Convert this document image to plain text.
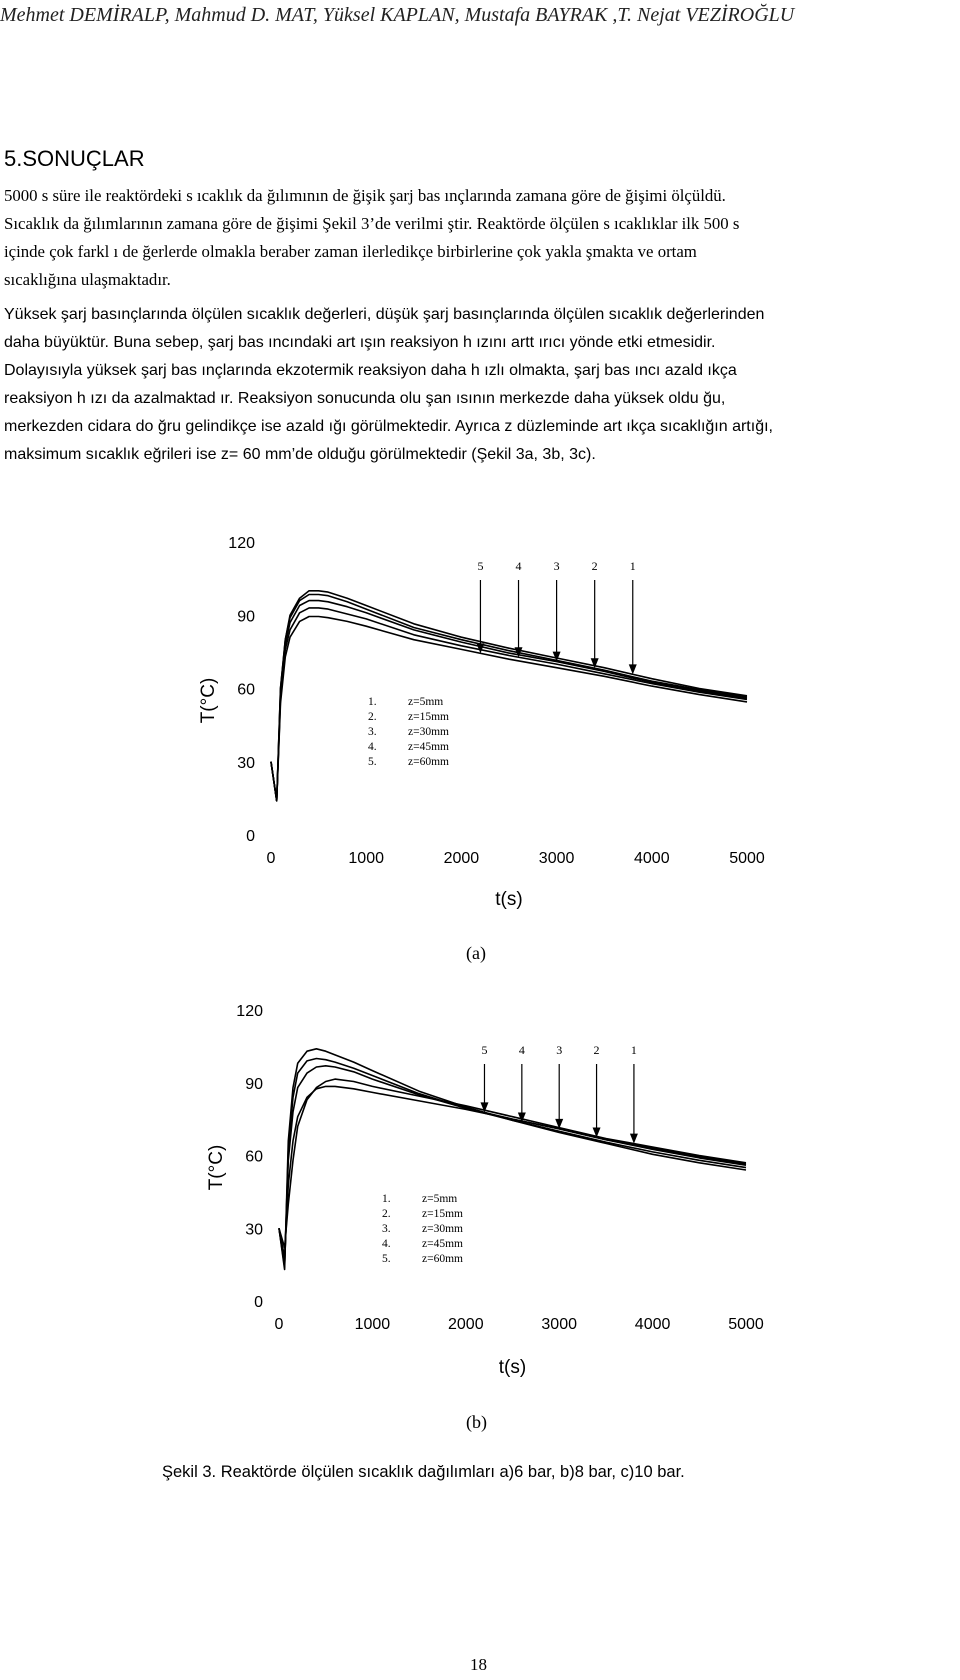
Mehmet DEMİRALP, Mahmud D. MAT, Yüksel KAPLAN, Mustafa BAYRAK ,T. Nejat VEZİROĞLU
5.SONUÇLAR
5000 s süre ile reaktördeki s ıcaklık da ğılımının de ğişik şarj bas ınçlarında zamana göre de ğişimi ölçüldü.
Sıcaklık da ğılımlarının zamana göre de ğişimi Şekil 3’de verilmi ştir. Reaktörde ölçülen s ıcaklıklar ilk 500 s
içinde çok farkl ı de ğerlerde olmakla beraber zaman ilerledikçe birbirlerine çok yakla şmakta ve ortam
sıcaklığına ulaşmaktadır.
Yüksek şarj basınçlarında ölçülen sıcaklık değerleri, düşük şarj basınçlarında ölçülen sıcaklık değerlerinden
daha büyüktür. Buna sebep, şarj bas ıncındaki art ışın reaksiyon h ızını artt ırıcı yönde etki etmesidir.
Dolayısıyla yüksek şarj bas ınçlarında ekzotermik reaksiyon daha h ızlı olmakta, şarj bas ıncı azald ıkça
reaksiyon h ızı da azalmaktad ır. Reaksiyon sonucunda olu şan ısının merkezde daha yüksek oldu ğu,
merkezden cidara do ğru gelindikçe ise azald ığı görülmektedir. Ayrıca z düzleminde art ıkça sıcaklığın artığı,
maksimum sıcaklık eğrileri ise z= 60 mm’de olduğu görülmektedir (Şekil 3a, 3b, 3c).
0
30
60
90
120
0	1000	2000	3000	4000	5000
T(°C)
t(s)
5	4	3	2	1
1.	z=5mm
2.	z=15mm
3.	z=30mm
4.	z=45mm
5.	z=60mm
(a)
0
30
60
90
120
0	1000	2000	3000	4000	5000
T(°C)
t(s)
5	4	3	2	1
1.	z=5mm
2.	z=15mm
3.	z=30mm
4.	z=45mm
5.	z=60mm
(b)
Şekil 3. Reaktörde ölçülen sıcaklık dağılımları a)6 bar, b)8 bar, c)10 bar.
18
